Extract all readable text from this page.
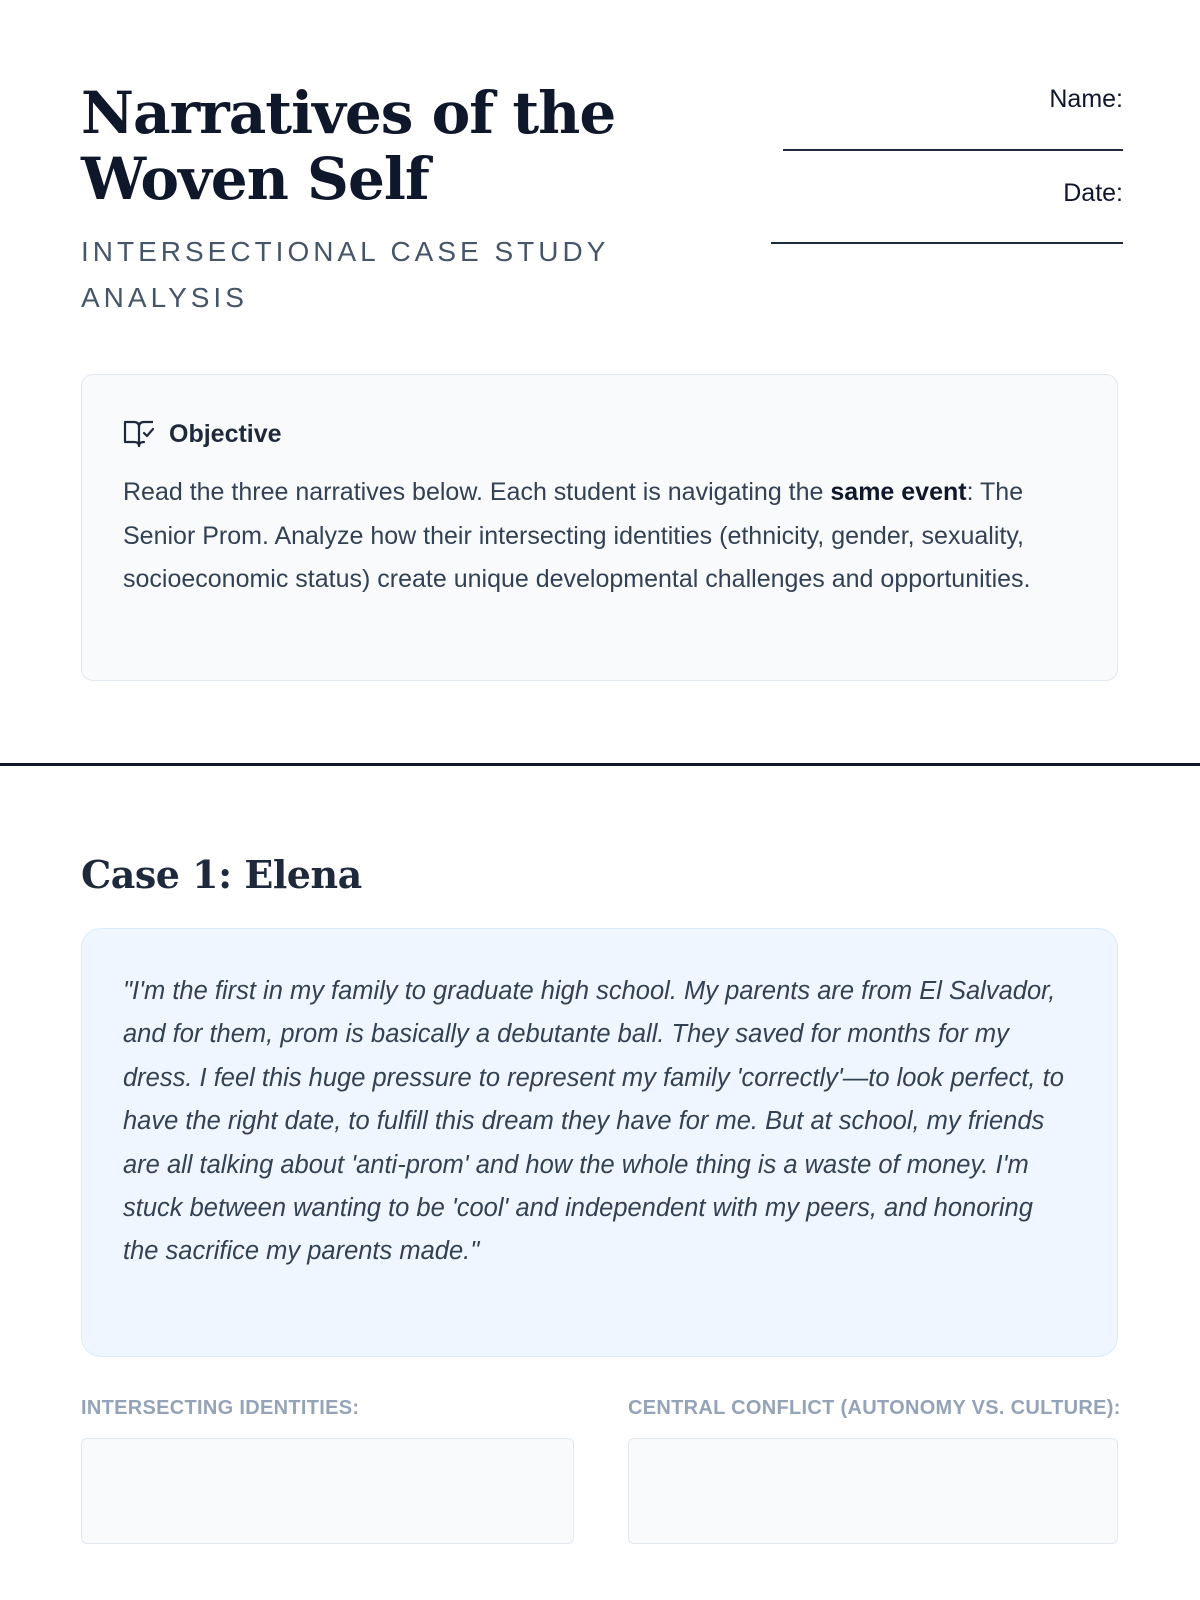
Narratives of the Woven Self

INTERSECTIONAL CASE STUDY ANALYSIS

Name:
Date:
Objective

Read the three narratives below. Each student is navigating the same event: The Senior Prom. Analyze how their intersecting identities (ethnicity, gender, sexuality, socioeconomic status) create unique developmental challenges and opportunities.

Case 1: Elena

"I'm the first in my family to graduate high school. My parents are from El Salvador, and for them, prom is basically a debutante ball. They saved for months for my dress. I feel this huge pressure to represent my family 'correctly'—to look perfect, to have the right date, to fulfill this dream they have for me. But at school, my friends are all talking about 'anti-prom' and how the whole thing is a waste of money. I'm stuck between wanting to be 'cool' and independent with my peers, and honoring the sacrifice my parents made."

INTERSECTING IDENTITIES:	CENTRAL CONFLICT (AUTONOMY VS. CULTURE):
